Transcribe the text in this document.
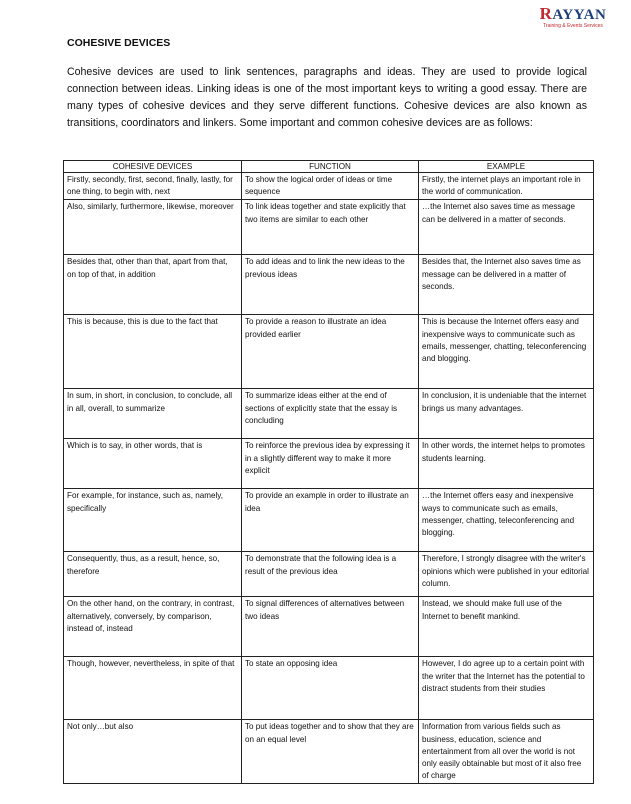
RAYYAN
Training & Events Services
COHESIVE DEVICES

Cohesive devices are used to link sentences, paragraphs and ideas. They are used to provide logical connection between ideas. Linking ideas is one of the most important keys to writing a good essay. There are many types of cohesive devices and they serve different functions. Cohesive devices are also known as transitions, coordinators and linkers. Some important and common cohesive devices are as follows:

COHESIVE DEVICES	FUNCTION	EXAMPLE
Firstly, secondly, first, second, finally, lastly, for one thing, to begin with, next	To show the logical order of ideas or time sequence	Firstly, the internet plays an important role in the world of communication.
Also, similarly, furthermore, likewise, moreover	To link ideas together and state explicitly that two items are similar to each other	…the Internet also saves time as message can be delivered in a matter of seconds.
Besides that, other than that, apart from that, on top of that, in addition	To add ideas and to link the new ideas to the previous ideas	Besides that, the Internet also saves time as message can be delivered in a matter of seconds.
This is because, this is due to the fact that	To provide a reason to illustrate an idea provided earlier	This is because the Internet offers easy and inexpensive ways to communicate such as emails, messenger, chatting, teleconferencing and blogging.
In sum, in short, in conclusion, to conclude, all in all, overall, to summarize	To summarize ideas either at the end of sections of explicitly state that the essay is concluding	In conclusion, it is undeniable that the internet brings us many advantages.
Which is to say, in other words, that is	To reinforce the previous idea by expressing it in a slightly different way to make it more explicit	In other words, the internet helps to promotes students learning.
For example, for instance, such as, namely, specifically	To provide an example in order to illustrate an idea	…the Internet offers easy and inexpensive ways to communicate such as emails, messenger, chatting, teleconferencing and blogging.
Consequently, thus, as a result, hence, so, therefore	To demonstrate that the following idea is a result of the previous idea	Therefore, I strongly disagree with the writer's opinions which were published in your editorial column.
On the other hand, on the contrary, in contrast, alternatively, conversely, by comparison, instead of, instead	To signal differences of alternatives between two ideas	Instead, we should make full use of the Internet to benefit mankind.
Though, however, nevertheless, in spite of that	To state an opposing idea	However, I do agree up to a certain point with the writer that the Internet has the potential to distract students from their studies
Not only…but also	To put ideas together and to show that they are on an equal level	Information from various fields such as business, education, science and entertainment from all over the world is not only easily obtainable but most of it also free of charge
